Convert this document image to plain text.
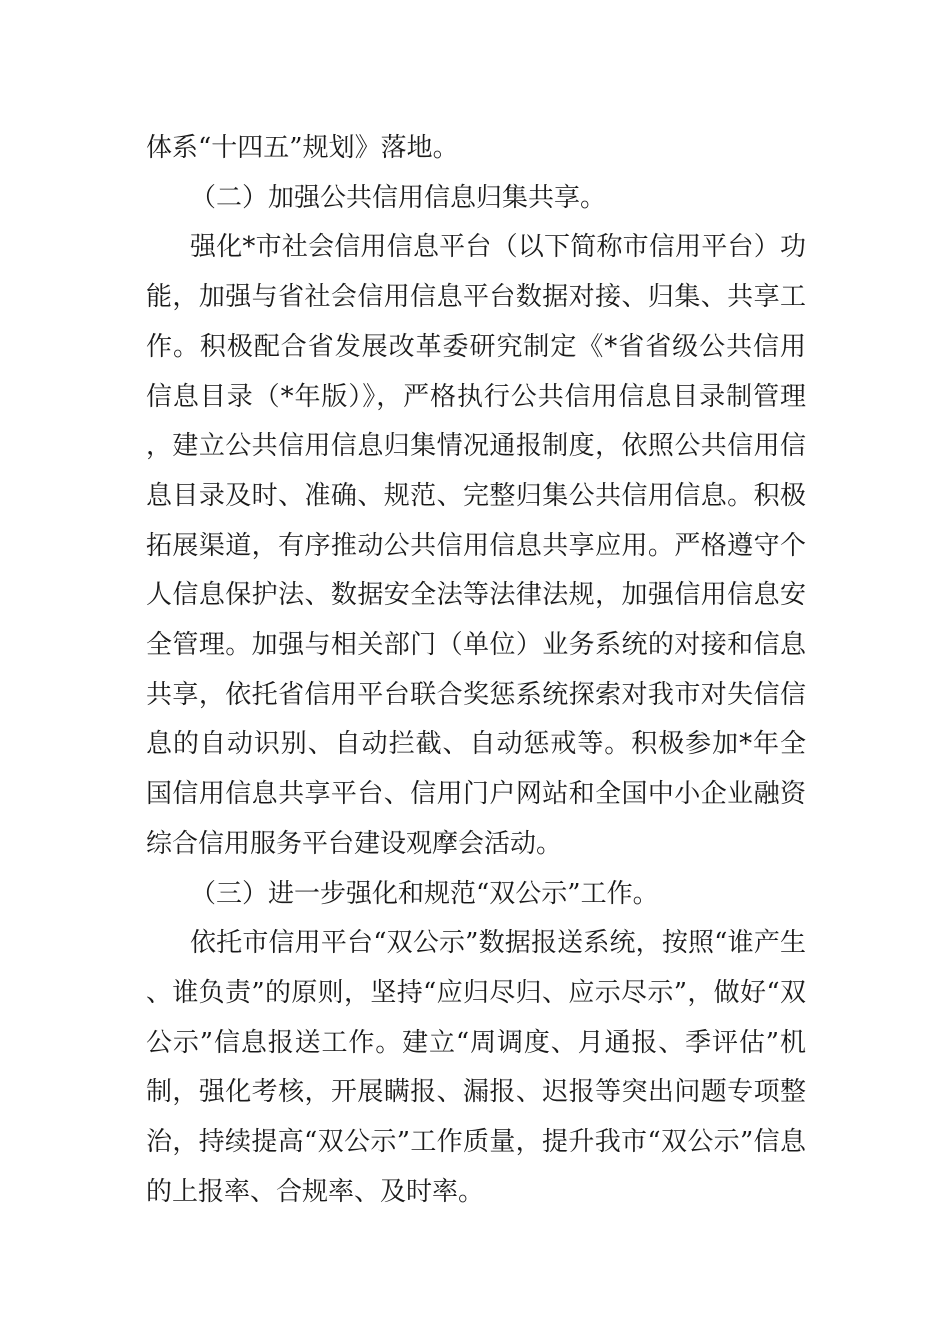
体系“十四五”规划》落地。

（二）加强公共信用信息归集共享。

强化*市社会信用信息平台（以下简称市信用平台）功能，加强与省社会信用信息平台数据对接、归集、共享工作。积极配合省发展改革委研究制定《*省省级公共信用信息目录（*年版）》，严格执行公共信用信息目录制管理，建立公共信用信息归集情况通报制度，依照公共信用信息目录及时、准确、规范、完整归集公共信用信息。积极拓展渠道，有序推动公共信用信息共享应用。严格遵守个人信息保护法、数据安全法等法律法规，加强信用信息安全管理。加强与相关部门（单位）业务系统的对接和信息共享，依托省信用平台联合奖惩系统探索对我市对失信信息的自动识别、自动拦截、自动惩戒等。积极参加*年全国信用信息共享平台、信用门户网站和全国中小企业融资综合信用服务平台建设观摩会活动。

（三）进一步强化和规范“双公示”工作。

依托市信用平台“双公示”数据报送系统，按照“谁产生、谁负责”的原则，坚持“应归尽归、应示尽示”，做好“双公示”信息报送工作。建立“周调度、月通报、季评估”机制，强化考核，开展瞒报、漏报、迟报等突出问题专项整治，持续提高“双公示”工作质量，提升我市“双公示”信息的上报率、合规率、及时率。
